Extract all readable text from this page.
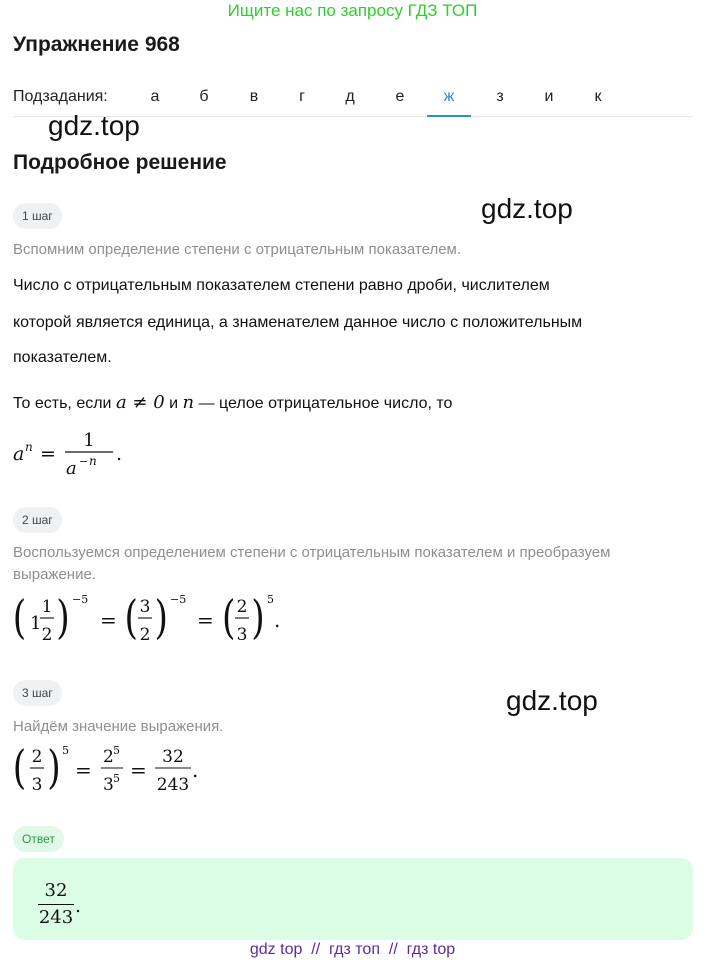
Ищите нас по запросу ГДЗ ТОП
Упражнение 968
Подзадания:	а	б	в	г	д	е	ж	з	и	к
gdz.top
gdz.top
gdz.top
Подробное решение
1 шаг
Вспомним определение степени с отрицательным показателем.
Число с отрицательным показателем степени равно дроби, числителем
которой является единица, а знаменателем данное число с положительным
показателем.
То есть, если a ≠ 0 и n — целое отрицательное число, то
a n =
1
a − n .
2 шаг
Воспользуемся определением степени с отрицательным показателем и преобразуем
выражение.
( 1
1
2 ) −5
= ( 3
2 ) −5
= ( 2
3 ) 5
.
3 шаг
Найдём значение выражения.
( 2
3 ) 5
=
2 5
3 5 =
32
243
.
Ответ
32
243
.
gdz top  //  гдз топ  //  гдз top
